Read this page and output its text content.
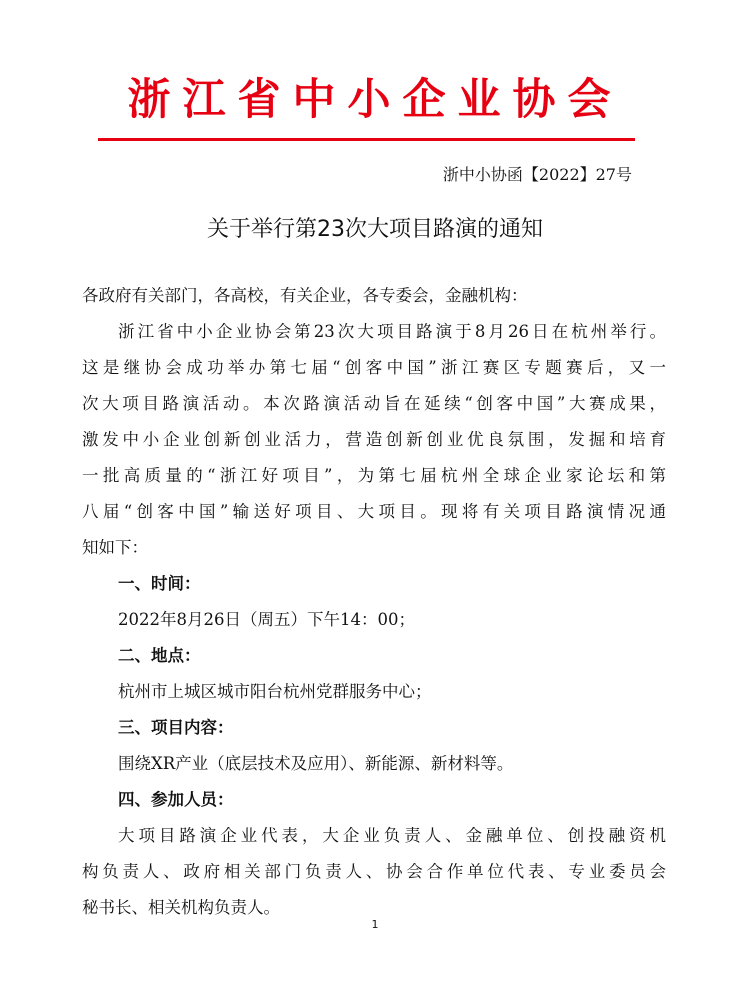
浙江省中小企业协会
浙中小协函【2022】27号
关于举行第23次大项目路演的通知
各政府有关部门，各高校，有关企业，各专委会，金融机构：
浙江省中小企业协会第23次大项目路演于8月26日在杭州举行。
这是继协会成功举办第七届“创客中国”浙江赛区专题赛后，又一
次大项目路演活动。本次路演活动旨在延续“创客中国”大赛成果，
激发中小企业创新创业活力，营造创新创业优良氛围，发掘和培育
一批高质量的“浙江好项目”，为第七届杭州全球企业家论坛和第
八届“创客中国”输送好项目、大项目。现将有关项目路演情况通
知如下：
一、时间：
2022年8月26日（周五）下午14：00；
二、地点：
杭州市上城区城市阳台杭州党群服务中心；
三、项目内容：
围绕XR产业（底层技术及应用）、新能源、新材料等。
四、参加人员：
大项目路演企业代表，大企业负责人、金融单位、创投融资机
构负责人、政府相关部门负责人、协会合作单位代表、专业委员会
秘书长、相关机构负责人。
1
